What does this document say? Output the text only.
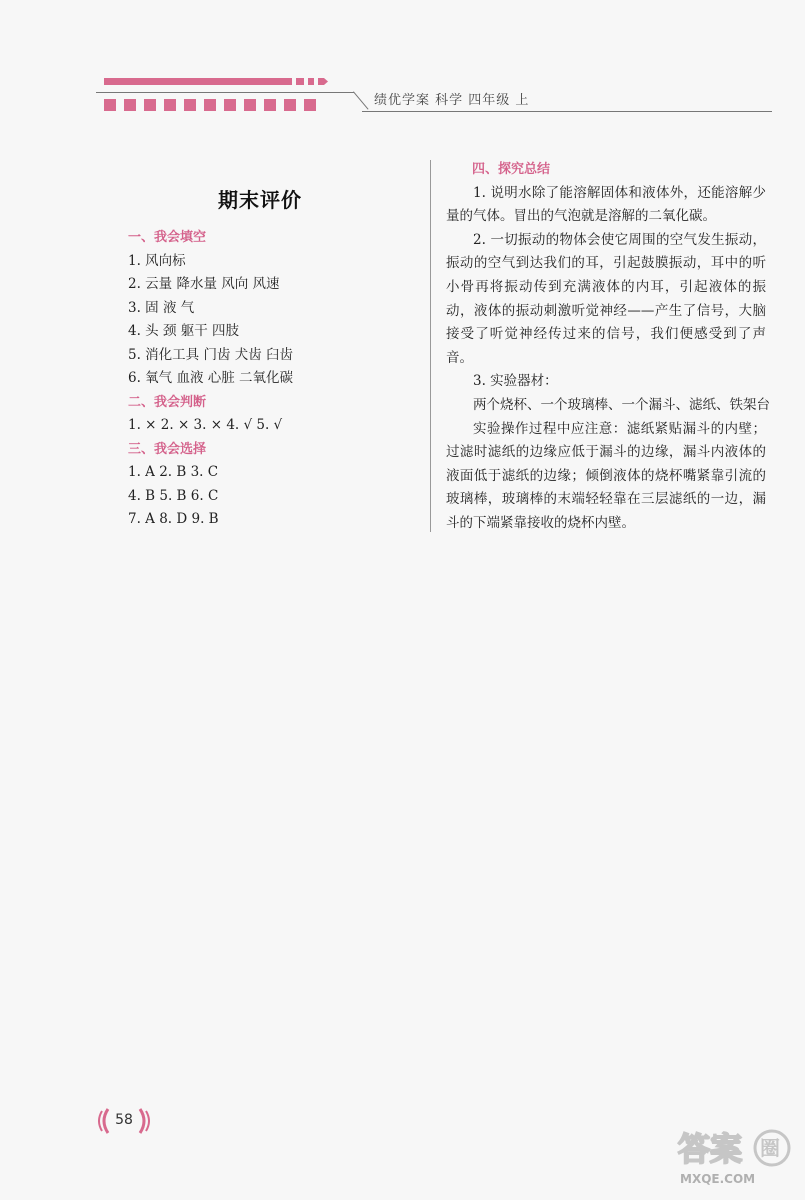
绩优学案 科学 四年级 上
期末评价
一、我会填空
1. 风向标
2. 云量 降水量 风向 风速
3. 固 液 气
4. 头 颈 躯干 四肢
5. 消化工具 门齿 犬齿 臼齿
6. 氧气 血液 心脏 二氧化碳
二、我会判断
1. × 2. × 3. × 4. √ 5. √
三、我会选择
1. A 2. B 3. C
4. B 5. B 6. C
7. A 8. D 9. B
四、探究总结
1. 说明水除了能溶解固体和液体外，还能溶解少量的气体。冒出的气泡就是溶解的二氧化碳。
2. 一切振动的物体会使它周围的空气发生振动，振动的空气到达我们的耳，引起鼓膜振动，耳中的听小骨再将振动传到充满液体的内耳，引起液体的振动，液体的振动刺激听觉神经——产生了信号，大脑接受了听觉神经传过来的信号，我们便感受到了声音。
3. 实验器材：
两个烧杯、一个玻璃棒、一个漏斗、滤纸、铁架台
实验操作过程中应注意：滤纸紧贴漏斗的内壁；过滤时滤纸的边缘应低于漏斗的边缘，漏斗内液体的液面低于滤纸的边缘；倾倒液体的烧杯嘴紧靠引流的玻璃棒，玻璃棒的末端轻轻靠在三层滤纸的一边，漏斗的下端紧靠接收的烧杯内壁。
58
答案 圈
MXQE.COM
